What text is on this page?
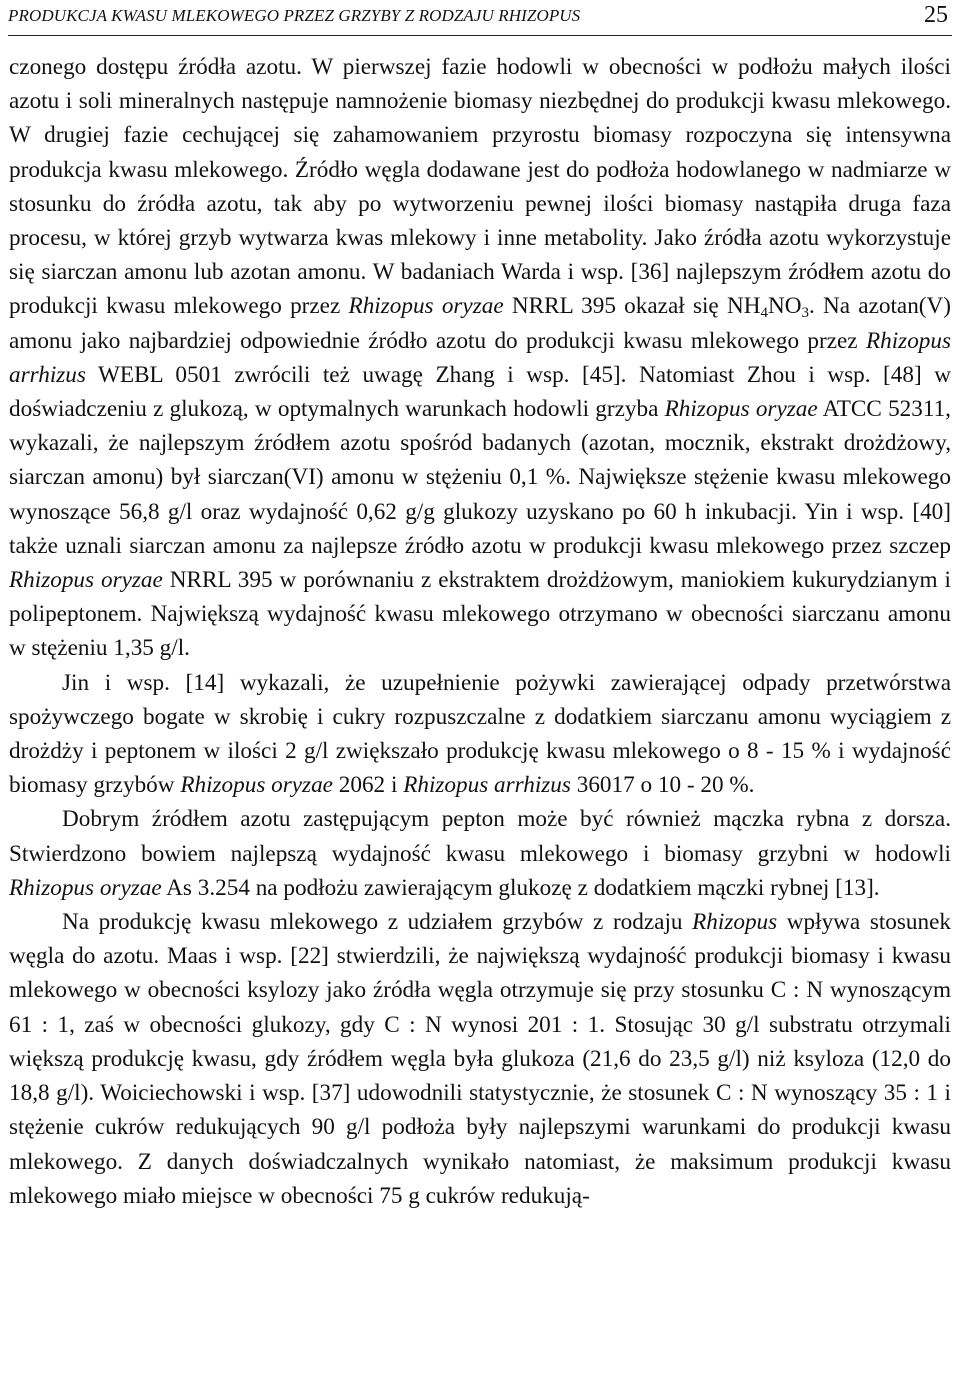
PRODUKCJA KWASU MLEKOWEGO PRZEZ GRZYBY Z RODZAJU RHIZOPUS	25

czonego dostępu źródła azotu. W pierwszej fazie hodowli w obecności w podłożu małych ilości azotu i soli mineralnych następuje namnożenie biomasy niezbędnej do produkcji kwasu mlekowego. W drugiej fazie cechującej się zahamowaniem przyrostu biomasy rozpoczyna się intensywna produkcja kwasu mlekowego. Źródło węgla dodawane jest do podłoża hodowlanego w nadmiarze w stosunku do źródła azotu, tak aby po wytworzeniu pewnej ilości biomasy nastąpiła druga faza procesu, w której grzyb wytwarza kwas mlekowy i inne metabolity. Jako źródła azotu wykorzystuje się siarczan amonu lub azotan amonu. W badaniach Warda i wsp. [36] najlepszym źródłem azotu do produkcji kwasu mlekowego przez Rhizopus oryzae NRRL 395 okazał się $NH_4NO_3$. Na azotan(V) amonu jako najbardziej odpowiednie źródło azotu do produkcji kwasu mlekowego przez Rhizopus arrhizus WEBL 0501 zwrócili też uwagę Zhang i wsp. [45]. Natomiast Zhou i wsp. [48] w doświadczeniu z glukozą, w optymalnych warunkach hodowli grzyba Rhizopus oryzae ATCC 52311, wykazali, że najlepszym źródłem azotu spośród badanych (azotan, mocznik, ekstrakt drożdżowy, siarczan amonu) był siarczan(VI) amonu w stężeniu 0,1 %. Największe stężenie kwasu mlekowego wynoszące 56,8 g/l oraz wydajność 0,62 g/g glukozy uzyskano po 60 h inkubacji. Yin i wsp. [40] także uznali siarczan amonu za najlepsze źródło azotu w produkcji kwasu mlekowego przez szczep Rhizopus oryzae NRRL 395 w porównaniu z ekstraktem drożdżowym, maniokiem kukurydzianym i polipeptonem. Największą wydajność kwasu mlekowego otrzymano w obecności siarczanu amonu w stężeniu 1,35 g/l.

Jin i wsp. [14] wykazali, że uzupełnienie pożywki zawierającej odpady przetwórstwa spożywczego bogate w skrobię i cukry rozpuszczalne z dodatkiem siarczanu amonu wyciągiem z drożdży i peptonem w ilości 2 g/l zwiększało produkcję kwasu mlekowego o 8 - 15 % i wydajność biomasy grzybów Rhizopus oryzae 2062 i Rhizopus arrhizus 36017 o 10 - 20 %.

Dobrym źródłem azotu zastępującym pepton może być również mączka rybna z dorsza. Stwierdzono bowiem najlepszą wydajność kwasu mlekowego i biomasy grzybni w hodowli Rhizopus oryzae As 3.254 na podłożu zawierającym glukozę z dodatkiem mączki rybnej [13].

Na produkcję kwasu mlekowego z udziałem grzybów z rodzaju Rhizopus wpływa stosunek węgla do azotu. Maas i wsp. [22] stwierdzili, że największą wydajność produkcji biomasy i kwasu mlekowego w obecności ksylozy jako źródła węgla otrzymuje się przy stosunku C : N wynoszącym 61 : 1, zaś w obecności glukozy, gdy C : N wynosi 201 : 1. Stosując 30 g/l substratu otrzymali większą produkcję kwasu, gdy źródłem węgla była glukoza (21,6 do 23,5 g/l) niż ksyloza (12,0 do 18,8 g/l). Woiciechowski i wsp. [37] udowodnili statystycznie, że stosunek C : N wynoszący 35 : 1 i stężenie cukrów redukujących 90 g/l podłoża były najlepszymi warunkami do produkcji kwasu mlekowego. Z danych doświadczalnych wynikało natomiast, że maksimum produkcji kwasu mlekowego miało miejsce w obecności 75 g cukrów redukują-
